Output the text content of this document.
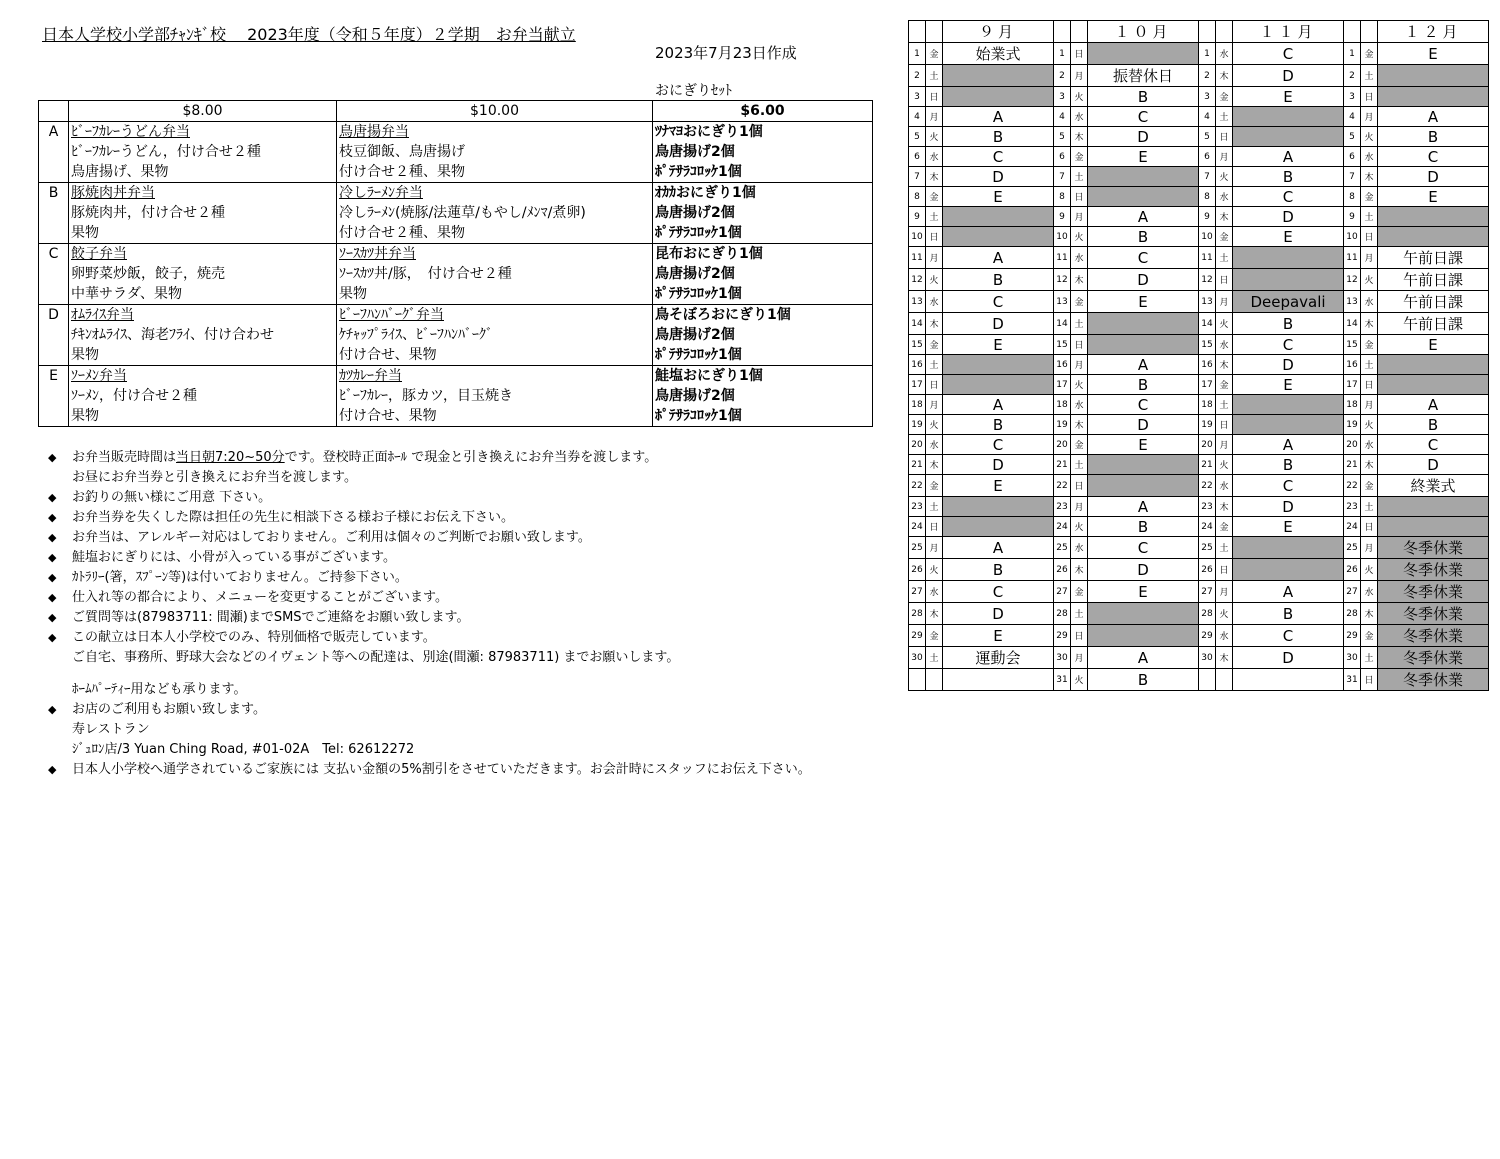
日本人学校小学部ﾁｬﾝｷﾞ校　 2023年度（令和５年度）２学期　お弁当献立
2023年7月23日作成
おにぎりｾｯﾄ
	$8.00	$10.00	$6.00
A	ﾋﾞｰﾌｶﾚｰうどん弁当	鳥唐揚弁当	ﾂﾅﾏﾖおにぎり1個
	ﾋﾞｰﾌｶﾚｰうどん，付け合せ２種	枝豆御飯、鳥唐揚げ	鳥唐揚げ2個
	鳥唐揚げ、果物	付け合せ２種、果物	ﾎﾟﾃｻﾗｺﾛｯｹ1個
B	豚焼肉丼弁当	冷しﾗｰﾒﾝ弁当	ｵｶｶおにぎり1個
	豚焼肉丼，付け合せ２種	冷しﾗｰﾒﾝ(焼豚/法蓮草/もやし/ﾒﾝﾏ/煮卵)	鳥唐揚げ2個
	果物	付け合せ２種、果物	ﾎﾟﾃｻﾗｺﾛｯｹ1個
C	餃子弁当	ｿｰｽｶﾂ丼弁当	昆布おにぎり1個
	卵野菜炒飯，餃子，焼売	ｿｰｽｶﾂ丼/豚，　付け合せ２種	鳥唐揚げ2個
	中華サラダ、果物	果物	ﾎﾟﾃｻﾗｺﾛｯｹ1個
D	ｵﾑﾗｲｽ弁当	ﾋﾞｰﾌﾊﾝﾊﾞｰｸﾞ弁当	鳥そぼろおにぎり1個
	ﾁｷﾝｵﾑﾗｲｽ、海老ﾌﾗｲ、付け合わせ	ｹﾁｬｯﾌﾟﾗｲｽ、ﾋﾞｰﾌﾊﾝﾊﾞｰｸﾞ	鳥唐揚げ2個
	果物	付け合せ、果物	ﾎﾟﾃｻﾗｺﾛｯｹ1個
E	ｿｰﾒﾝ弁当	ｶﾂｶﾚｰ弁当	鮭塩おにぎり1個
	ｿｰﾒﾝ，付け合せ２種	ﾋﾞｰﾌｶﾚｰ，豚カツ，目玉焼き	鳥唐揚げ2個
	果物	付け合せ、果物	ﾎﾟﾃｻﾗｺﾛｯｹ1個
◆	お弁当販売時間は当日朝7:20~50分です。登校時正面ﾎｰﾙ で現金と引き換えにお弁当券を渡します。
お昼にお弁当券と引き換えにお弁当を渡します。
◆	お釣りの無い様にご用意 下さい。
◆	お弁当券を失くした際は担任の先生に相談下さる様お子様にお伝え下さい。
◆	お弁当は、アレルギー対応はしておりません。ご利用は個々のご判断でお願い致します。
◆	鮭塩おにぎりには、小骨が入っている事がございます。
◆	ｶﾄﾗﾘｰ(箸，ｽﾌﾟｰﾝ等)は付いておりません。ご持参下さい。
◆	仕入れ等の都合により、メニューを変更することがございます。
◆	ご質問等は(87983711: 間瀬)までSMSでご連絡をお願い致します。
◆	この献立は日本人小学校でのみ、特別価格で販売しています。
ご自宅、事務所、野球大会などのイヴェント等への配達は、別途(間瀬: 87983711) までお願いします。
ﾎｰﾑﾊﾟｰﾃｨｰ用なども承ります。
◆	お店のご利用もお願い致します。
寿レストラン
ｼﾞｭﾛﾝ店/3 Yuan Ching Road, #01-02A　Tel: 62612272
◆	日本人小学校へ通学されているご家族には 支払い金額の5%割引をさせていただきます。お会計時にスタッフにお伝え下さい。
		９月			１０月			１１月			１２月
1	金	始業式	1	日		1	水	C	1	金	E
2	土		2	月	振替休日	2	木	D	2	土	
3	日		3	火	B	3	金	E	3	日	
4	月	A	4	水	C	4	土		4	月	A
5	火	B	5	木	D	5	日		5	火	B
6	水	C	6	金	E	6	月	A	6	水	C
7	木	D	7	土		7	火	B	7	木	D
8	金	E	8	日		8	水	C	8	金	E
9	土		9	月	A	9	木	D	9	土	
10	日		10	火	B	10	金	E	10	日	
11	月	A	11	水	C	11	土		11	月	午前日課
12	火	B	12	木	D	12	日		12	火	午前日課
13	水	C	13	金	E	13	月	Deepavali	13	水	午前日課
14	木	D	14	土		14	火	B	14	木	午前日課
15	金	E	15	日		15	水	C	15	金	E
16	土		16	月	A	16	木	D	16	土	
17	日		17	火	B	17	金	E	17	日	
18	月	A	18	水	C	18	土		18	月	A
19	火	B	19	木	D	19	日		19	火	B
20	水	C	20	金	E	20	月	A	20	水	C
21	木	D	21	土		21	火	B	21	木	D
22	金	E	22	日		22	水	C	22	金	終業式
23	土		23	月	A	23	木	D	23	土	
24	日		24	火	B	24	金	E	24	日	
25	月	A	25	水	C	25	土		25	月	冬季休業
26	火	B	26	木	D	26	日		26	火	冬季休業
27	水	C	27	金	E	27	月	A	27	水	冬季休業
28	木	D	28	土		28	火	B	28	木	冬季休業
29	金	E	29	日		29	水	C	29	金	冬季休業
30	土	運動会	30	月	A	30	木	D	30	土	冬季休業
			31	火	B				31	日	冬季休業
